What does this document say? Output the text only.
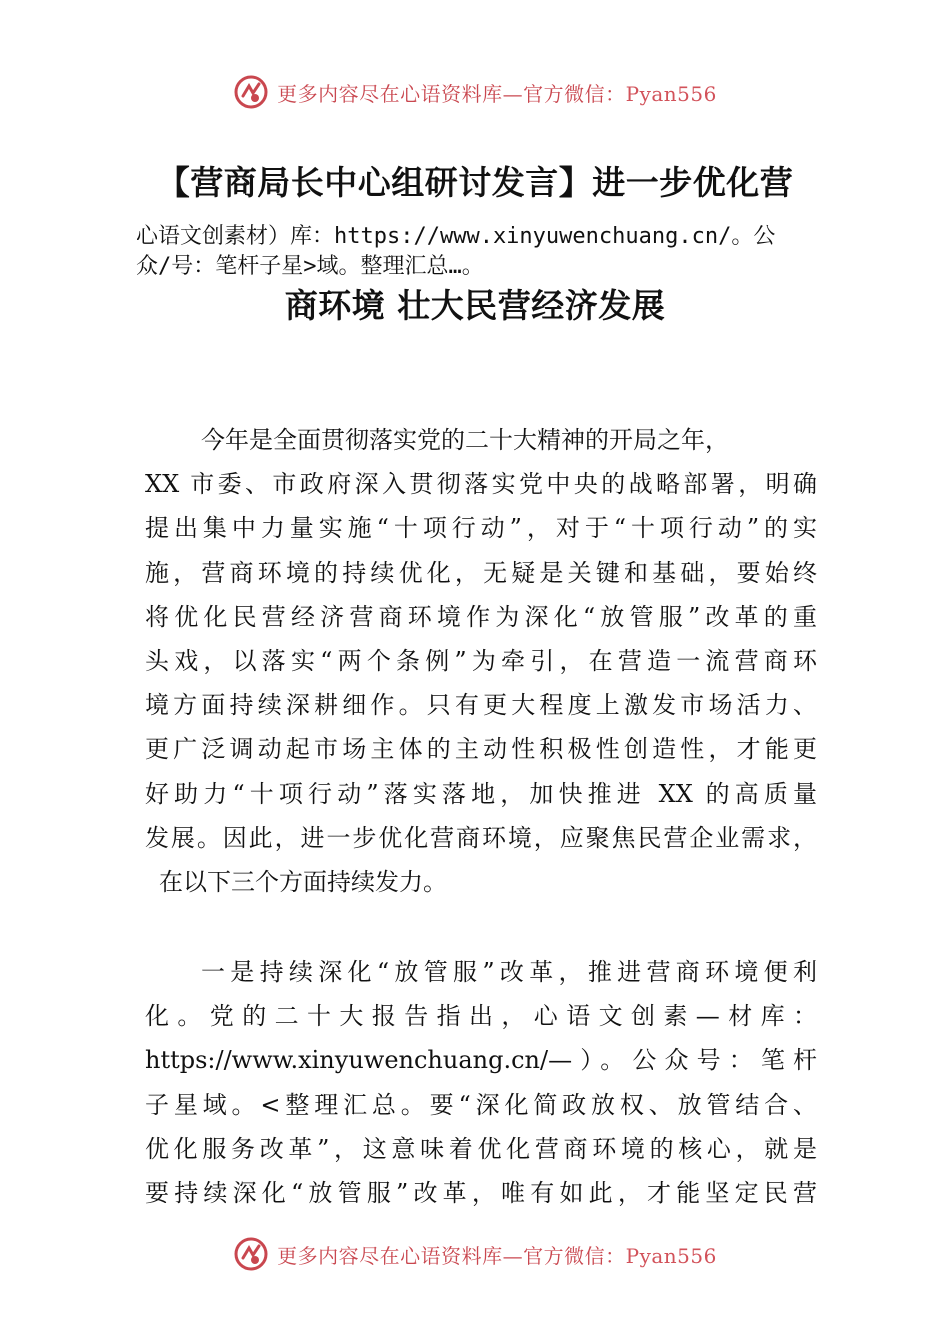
更多内容尽在心语资料库—官方微信：Pyan556
【营商局长中心组研讨发言】进一步优化营
心语文创素材）库：https://www.xinyuwenchuang.cn/。公
众/号：笔杆子星>域。整理汇总…。
商环境 壮大民营经济发展
今年是全面贯彻落实党的二十大精神的开局之年，
XX 市委、市政府深入贯彻落实党中央的战略部署，明确
提出集中力量实施“十项行动”，对于“十项行动”的实
施，营商环境的持续优化，无疑是关键和基础，要始终
将优化民营经济营商环境作为深化“放管服”改革的重
头戏，以落实“两个条例”为牵引，在营造一流营商环
境方面持续深耕细作。只有更大程度上激发市场活力、
更广泛调动起市场主体的主动性积极性创造性，才能更
好助力“十项行动”落实落地，加快推进 XX 的高质量
发展。因此，进一步优化营商环境，应聚焦民营企业需求，
在以下三个方面持续发力。
一是持续深化“放管服”改革，推进营商环境便利
化。党的二十大报告指出，心语文创素—材库：
https://www.xinyuwenchuang.cn/—）。公众号：笔杆
子星域。<整理汇总。要“深化简政放权、放管结合、
优化服务改革”，这意味着优化营商环境的核心，就是
要持续深化“放管服”改革，唯有如此，才能坚定民营
更多内容尽在心语资料库—官方微信：Pyan556
